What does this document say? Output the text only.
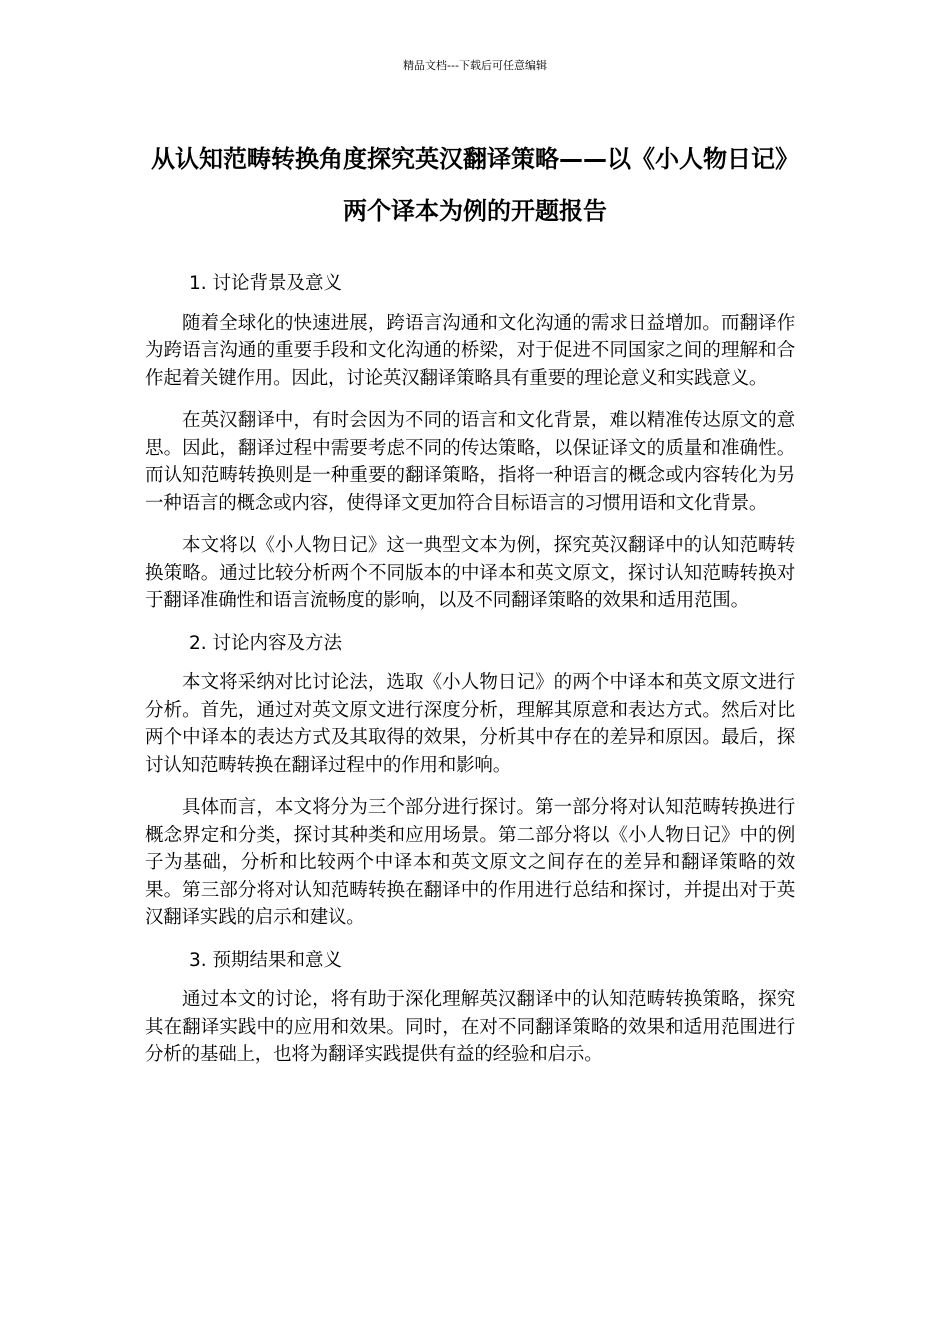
精品文档---下载后可任意编辑
从认知范畴转换角度探究英汉翻译策略——以《小人物日记》两个译本为例的开题报告
1. 讨论背景及意义

随着全球化的快速进展，跨语言沟通和文化沟通的需求日益增加。而翻译作为跨语言沟通的重要手段和文化沟通的桥梁，对于促进不同国家之间的理解和合作起着关键作用。因此，讨论英汉翻译策略具有重要的理论意义和实践意义。

在英汉翻译中，有时会因为不同的语言和文化背景，难以精准传达原文的意思。因此，翻译过程中需要考虑不同的传达策略，以保证译文的质量和准确性。而认知范畴转换则是一种重要的翻译策略，指将一种语言的概念或内容转化为另一种语言的概念或内容，使得译文更加符合目标语言的习惯用语和文化背景。

本文将以《小人物日记》这一典型文本为例，探究英汉翻译中的认知范畴转换策略。通过比较分析两个不同版本的中译本和英文原文，探讨认知范畴转换对于翻译准确性和语言流畅度的影响，以及不同翻译策略的效果和适用范围。

2. 讨论内容及方法

本文将采纳对比讨论法，选取《小人物日记》的两个中译本和英文原文进行分析。首先，通过对英文原文进行深度分析，理解其原意和表达方式。然后对比两个中译本的表达方式及其取得的效果，分析其中存在的差异和原因。最后，探讨认知范畴转换在翻译过程中的作用和影响。

具体而言，本文将分为三个部分进行探讨。第一部分将对认知范畴转换进行概念界定和分类，探讨其种类和应用场景。第二部分将以《小人物日记》中的例子为基础，分析和比较两个中译本和英文原文之间存在的差异和翻译策略的效果。第三部分将对认知范畴转换在翻译中的作用进行总结和探讨，并提出对于英汉翻译实践的启示和建议。

3. 预期结果和意义

通过本文的讨论，将有助于深化理解英汉翻译中的认知范畴转换策略，探究其在翻译实践中的应用和效果。同时，在对不同翻译策略的效果和适用范围进行分析的基础上，也将为翻译实践提供有益的经验和启示。
